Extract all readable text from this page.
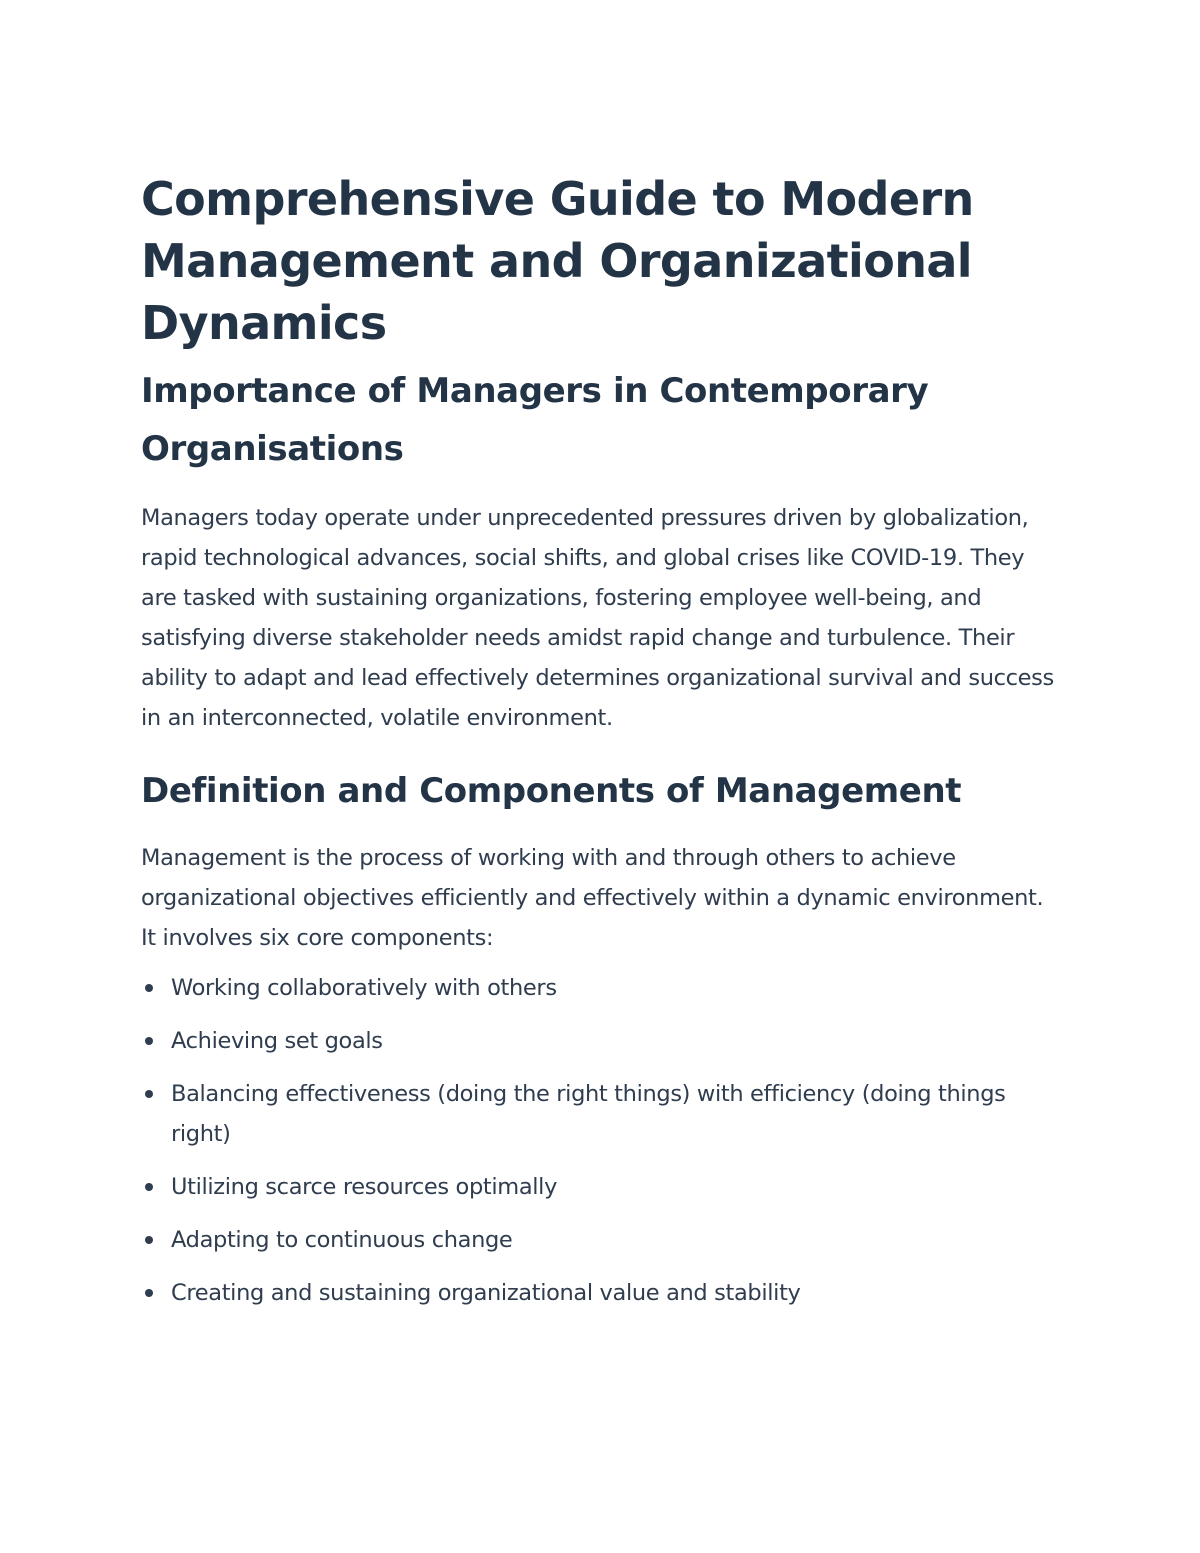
Comprehensive Guide to Modern Management and Organizational Dynamics
Importance of Managers in Contemporary Organisations

Managers today operate under unprecedented pressures driven by globalization, rapid technological advances, social shifts, and global crises like COVID-19. They are tasked with sustaining organizations, fostering employee well-being, and satisfying diverse stakeholder needs amidst rapid change and turbulence. Their ability to adapt and lead effectively determines organizational survival and success in an interconnected, volatile environment.

Definition and Components of Management

Management is the process of working with and through others to achieve organizational objectives efficiently and effectively within a dynamic environment. It involves six core components:

Working collaboratively with others
Achieving set goals
Balancing effectiveness (doing the right things) with efficiency (doing things right)
Utilizing scarce resources optimally
Adapting to continuous change
Creating and sustaining organizational value and stability
